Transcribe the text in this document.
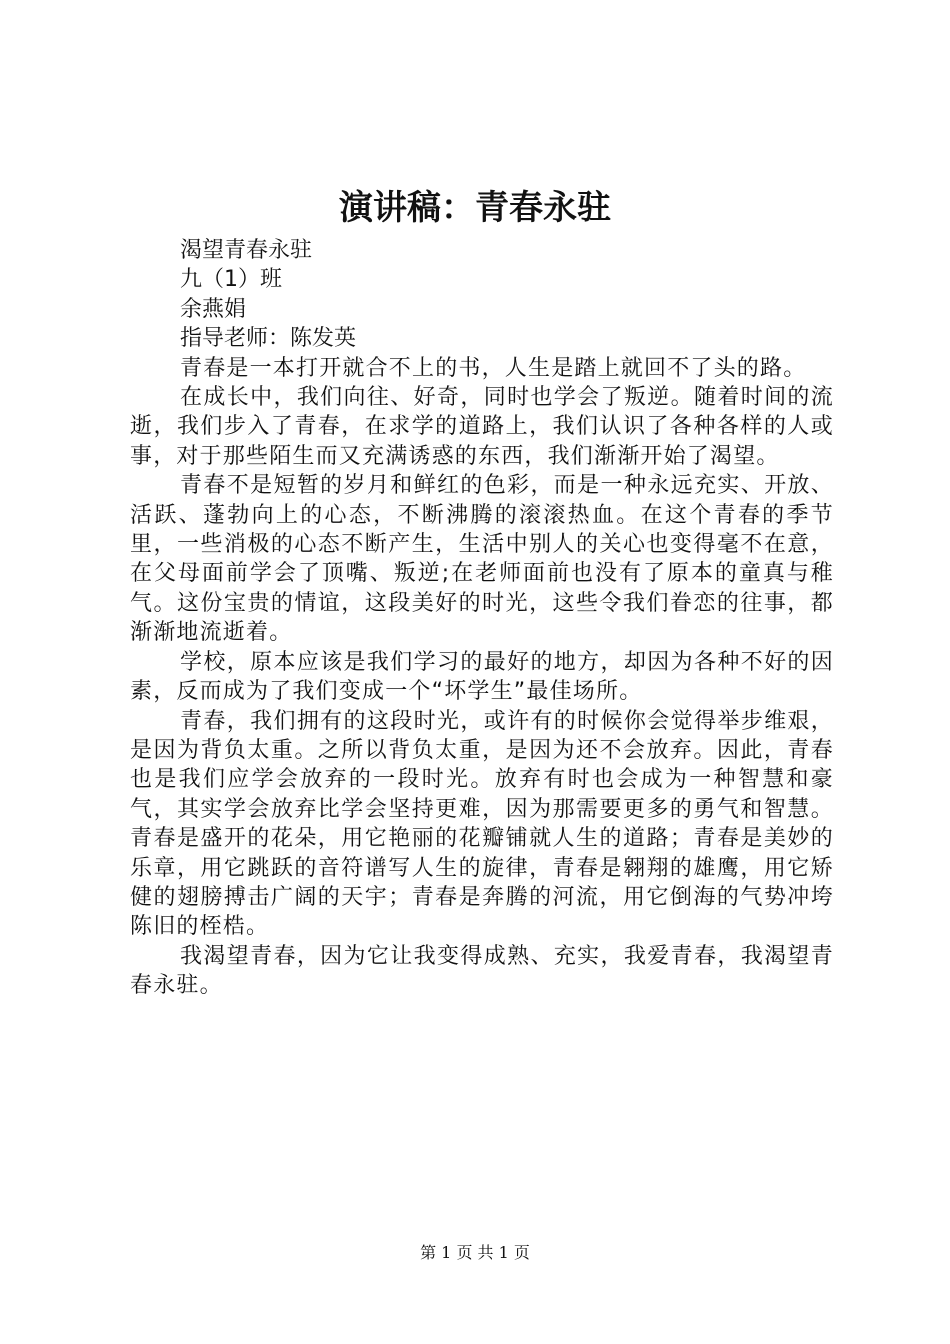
演讲稿：青春永驻

渴望青春永驻

九（1）班

余燕娟

指导老师：陈发英

青春是一本打开就合不上的书，人生是踏上就回不了头的路。

在成长中，我们向往、好奇，同时也学会了叛逆。随着时间的流逝，我们步入了青春，在求学的道路上，我们认识了各种各样的人或事，对于那些陌生而又充满诱惑的东西，我们渐渐开始了渴望。

青春不是短暂的岁月和鲜红的色彩，而是一种永远充实、开放、活跃、蓬勃向上的心态，不断沸腾的滚滚热血。在这个青春的季节里，一些消极的心态不断产生，生活中别人的关心也变得毫不在意，在父母面前学会了顶嘴、叛逆;在老师面前也没有了原本的童真与稚气。这份宝贵的情谊，这段美好的时光，这些令我们眷恋的往事，都渐渐地流逝着。

学校，原本应该是我们学习的最好的地方，却因为各种不好的因素，反而成为了我们变成一个“坏学生”最佳场所。

青春，我们拥有的这段时光，或许有的时候你会觉得举步维艰，是因为背负太重。之所以背负太重，是因为还不会放弃。因此，青春也是我们应学会放弃的一段时光。放弃有时也会成为一种智慧和豪气，其实学会放弃比学会坚持更难，因为那需要更多的勇气和智慧。青春是盛开的花朵，用它艳丽的花瓣铺就人生的道路；青春是美妙的乐章，用它跳跃的音符谱写人生的旋律，青春是翱翔的雄鹰，用它矫健的翅膀搏击广阔的天宇；青春是奔腾的河流，用它倒海的气势冲垮陈旧的桎梏。

我渴望青春，因为它让我变得成熟、充实，我爱青春，我渴望青春永驻。

第 1 页 共 1 页
